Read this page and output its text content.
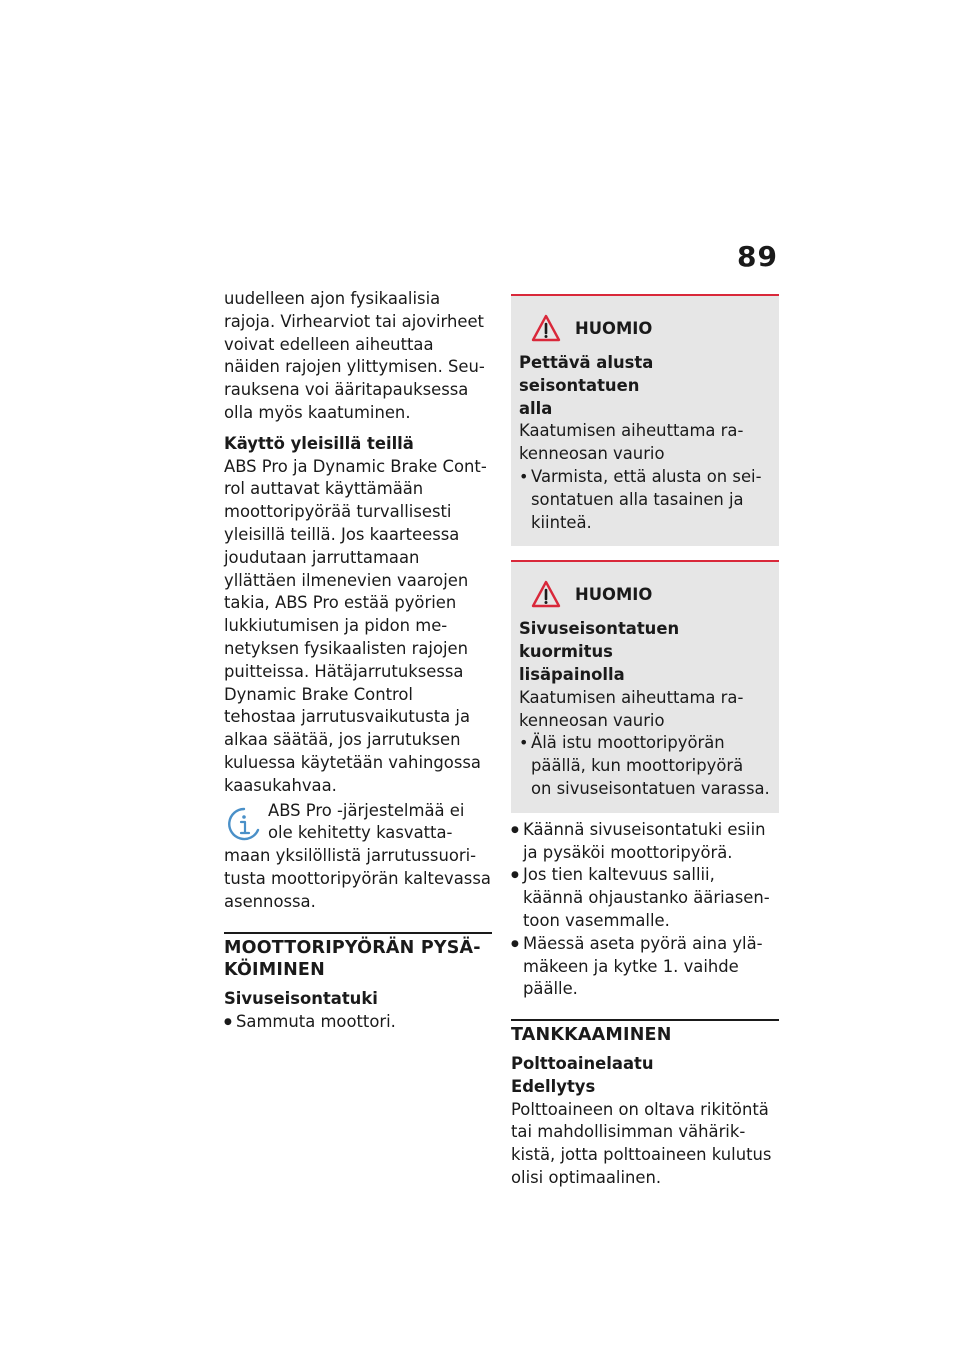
89

uudelleen ajon fysikaalisia
rajoja. Virhearviot tai ajovirheet
voivat edelleen aiheuttaa
näiden rajojen ylittymisen. Seu-
rauksena voi ääritapauksessa
olla myös kaatuminen.

Käyttö yleisillä teillä

ABS Pro ja Dynamic Brake Cont-
rol auttavat käyttämään
moottoripyörää turvallisesti
yleisillä teillä. Jos kaarteessa
joudutaan jarruttamaan
yllättäen ilmenevien vaarojen
takia, ABS Pro estää pyörien
lukkiutumisen ja pidon me-
netyksen fysikaalisten rajojen
puitteissa. Hätäjarrutuksessa
Dynamic Brake Control
tehostaa jarrutusvaikutusta ja
alkaa säätää, jos jarrutuksen
kuluessa käytetään vahingossa
kaasukahvaa.

ABS Pro -järjestelmää ei
ole kehitetty kasvatta-
maan yksilöllistä jarrutussuori-
tusta moottoripyörän kaltevassa
asennossa.

MOOTTORIPYÖRÄN PYSÄ-
KÖIMINEN
Sivuseisontatuki
● Sammuta moottori.
HUOMIO
Pettävä alusta seisontatuen
alla

Kaatumisen aiheuttama ra-
kenneosan vaurio

• Varmista, että alusta on sei-
sontatuen alla tasainen ja
kiinteä.
HUOMIO
Sivuseisontatuen kuormitus
lisäpainolla

Kaatumisen aiheuttama ra-
kenneosan vaurio

• Älä istu moottoripyörän
päällä, kun moottoripyörä
on sivuseisontatuen varassa.
● Käännä sivuseisontatuki esiin
ja pysäköi moottoripyörä.
● Jos tien kaltevuus sallii,
käännä ohjaustanko ääriasen-
toon vasemmalle.
● Mäessä aseta pyörä aina ylä-
mäkeen ja kytke 1. vaihde
päälle.
TANKKAAMINEN
Polttoainelaatu
Edellytys

Polttoaineen on oltava rikitöntä
tai mahdollisimman vähärik-
kistä, jotta polttoaineen kulutus
olisi optimaalinen.
